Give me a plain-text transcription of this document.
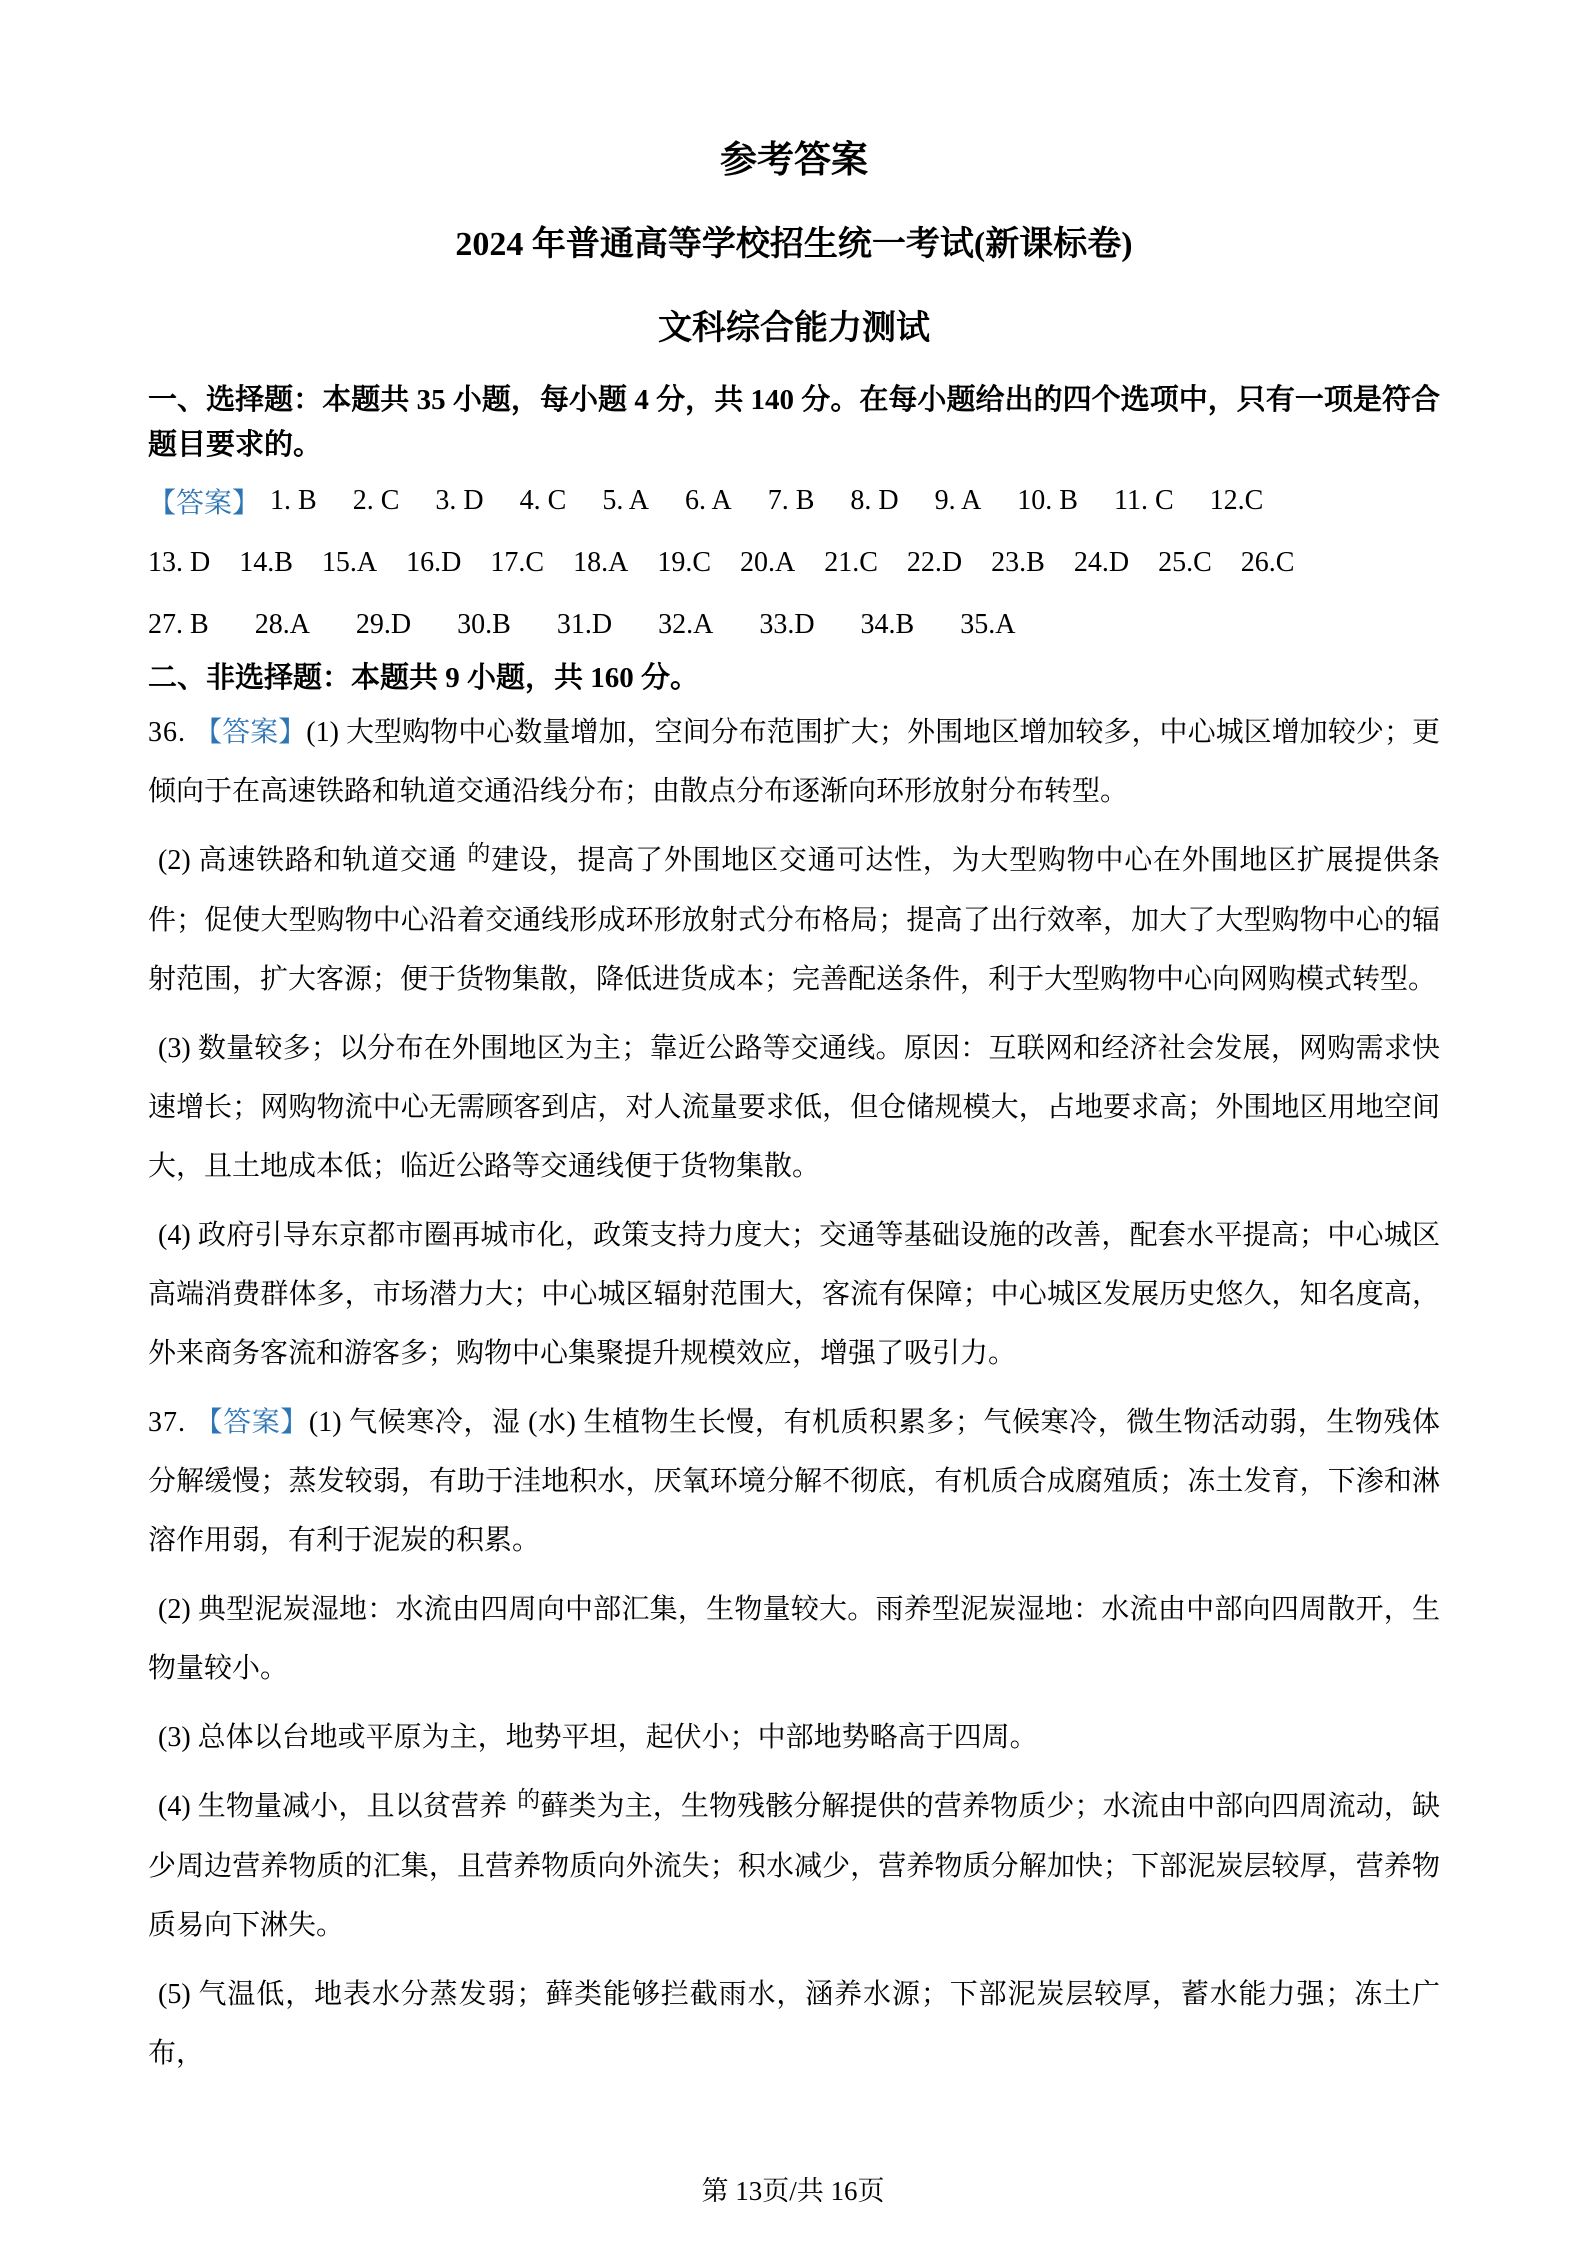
参考答案
2024 年普通高等学校招生统一考试(新课标卷)
文科综合能力测试

一、选择题：本题共 35 小题，每小题 4 分，共 140 分。在每小题给出的四个选项中，只有一项是符合题目要求的。

【答案】 1. B 2. C 3. D 4. C 5. A 6. A 7. B 8. D 9. A 10. B 11. C 12.C
13. D 14.B 15.A 16.D 17.C 18.A 19.C 20.A 21.C 22.D 23.B 24.D 25.C 26.C
27. B 28.A 29.D 30.B 31.D 32.A 33.D 34.B 35.A

二、非选择题：本题共 9 小题，共 160 分。

36. 【答案】(1) 大型购物中心数量增加，空间分布范围扩大；外围地区增加较多，中心城区增加较少；更倾向于在高速铁路和轨道交通沿线分布；由散点分布逐渐向环形放射分布转型。

(2) 高速铁路和轨道交通 的建设，提高了外围地区交通可达性，为大型购物中心在外围地区扩展提供条件；促使大型购物中心沿着交通线形成环形放射式分布格局；提高了出行效率，加大了大型购物中心的辐射范围，扩大客源；便于货物集散，降低进货成本；完善配送条件，利于大型购物中心向网购模式转型。

(3) 数量较多；以分布在外围地区为主；靠近公路等交通线。原因：互联网和经济社会发展，网购需求快速增长；网购物流中心无需顾客到店，对人流量要求低，但仓储规模大，占地要求高；外围地区用地空间大，且土地成本低；临近公路等交通线便于货物集散。

(4) 政府引导东京都市圈再城市化，政策支持力度大；交通等基础设施的改善，配套水平提高；中心城区高端消费群体多，市场潜力大；中心城区辐射范围大，客流有保障；中心城区发展历史悠久，知名度高，外来商务客流和游客多；购物中心集聚提升规模效应，增强了吸引力。

37. 【答案】(1) 气候寒冷，湿 (水) 生植物生长慢，有机质积累多；气候寒冷，微生物活动弱，生物残体分解缓慢；蒸发较弱，有助于洼地积水，厌氧环境分解不彻底，有机质合成腐殖质；冻土发育，下渗和淋溶作用弱，有利于泥炭的积累。

(2) 典型泥炭湿地：水流由四周向中部汇集，生物量较大。雨养型泥炭湿地：水流由中部向四周散开，生物量较小。

(3) 总体以台地或平原为主，地势平坦，起伏小；中部地势略高于四周。

(4) 生物量减小，且以贫营养 的藓类为主，生物残骸分解提供的营养物质少；水流由中部向四周流动，缺少周边营养物质的汇集，且营养物质向外流失；积水减少，营养物质分解加快；下部泥炭层较厚，营养物质易向下淋失。

(5) 气温低，地表水分蒸发弱；藓类能够拦截雨水，涵养水源；下部泥炭层较厚，蓄水能力强；冻土广布，

第 13页/共 16页
